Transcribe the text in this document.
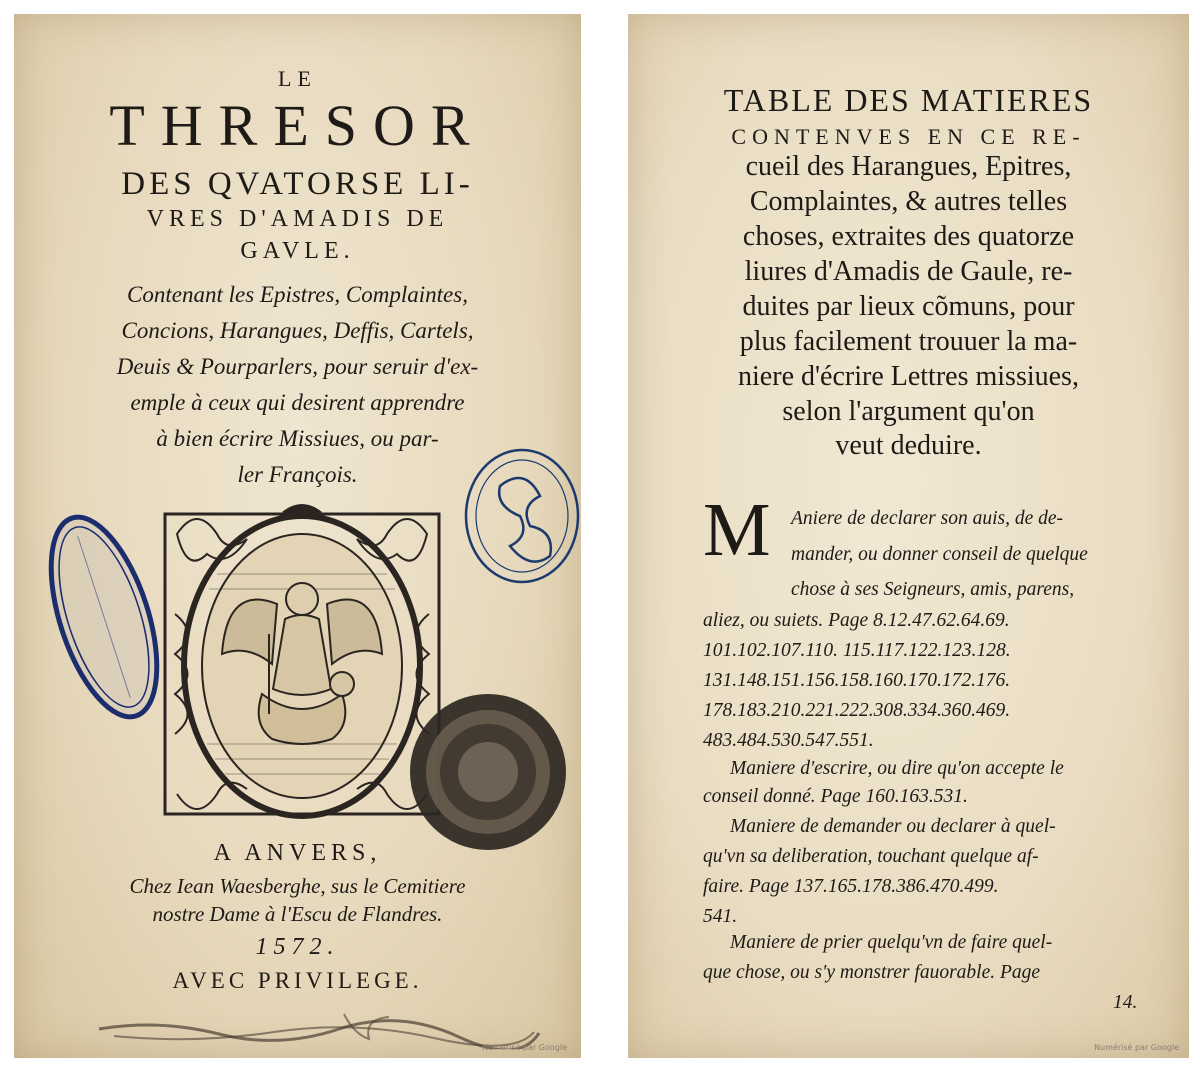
LE
THRESOR
DES QVATORSE LI-
VRES D'AMADIS DE
GAVLE.
Contenant les Epistres, Complaintes,
Concions, Harangues, Deffis, Cartels,
Deuis & Pourparlers, pour seruir d'ex-
emple à ceux qui desirent apprendre
à bien écrire Missiues, ou par-
ler François.
A ANVERS,
Chez Iean Waesberghe, sus le Cemitiere
nostre Dame à l'Escu de Flandres.
1572.
AVEC PRIVILEGE.
Numérisé par Google
TABLE DES MATIERES
CONTENVES EN CE RE-
cueil des Harangues, Epitres,
Complaintes, & autres telles
choses, extraites des quatorze
liures d'Amadis de Gaule, re-
duites par lieux cõmuns, pour
plus facilement trouuer la ma-
niere d'écrire Lettres missiues,
selon l'argument qu'on
veut deduire.
M Aniere de declarer son auis, de de-
mander, ou donner conseil de quelque
chose à ses Seigneurs, amis, parens,
aliez, ou suiets. Page 8.12.47.62.64.69.
101.102.107.110. 115.117.122.123.128.
131.148.151.156.158.160.170.172.176.
178.183.210.221.222.308.334.360.469.
483.484.530.547.551.
Maniere d'escrire, ou dire qu'on accepte le
conseil donné. Page 160.163.531.
Maniere de demander ou declarer à quel-
qu'vn sa deliberation, touchant quelque af-
faire. Page 137.165.178.386.470.499.
541.
Maniere de prier quelqu'vn de faire quel-
que chose, ou s'y monstrer fauorable. Page
14.
Numérisé par Google
